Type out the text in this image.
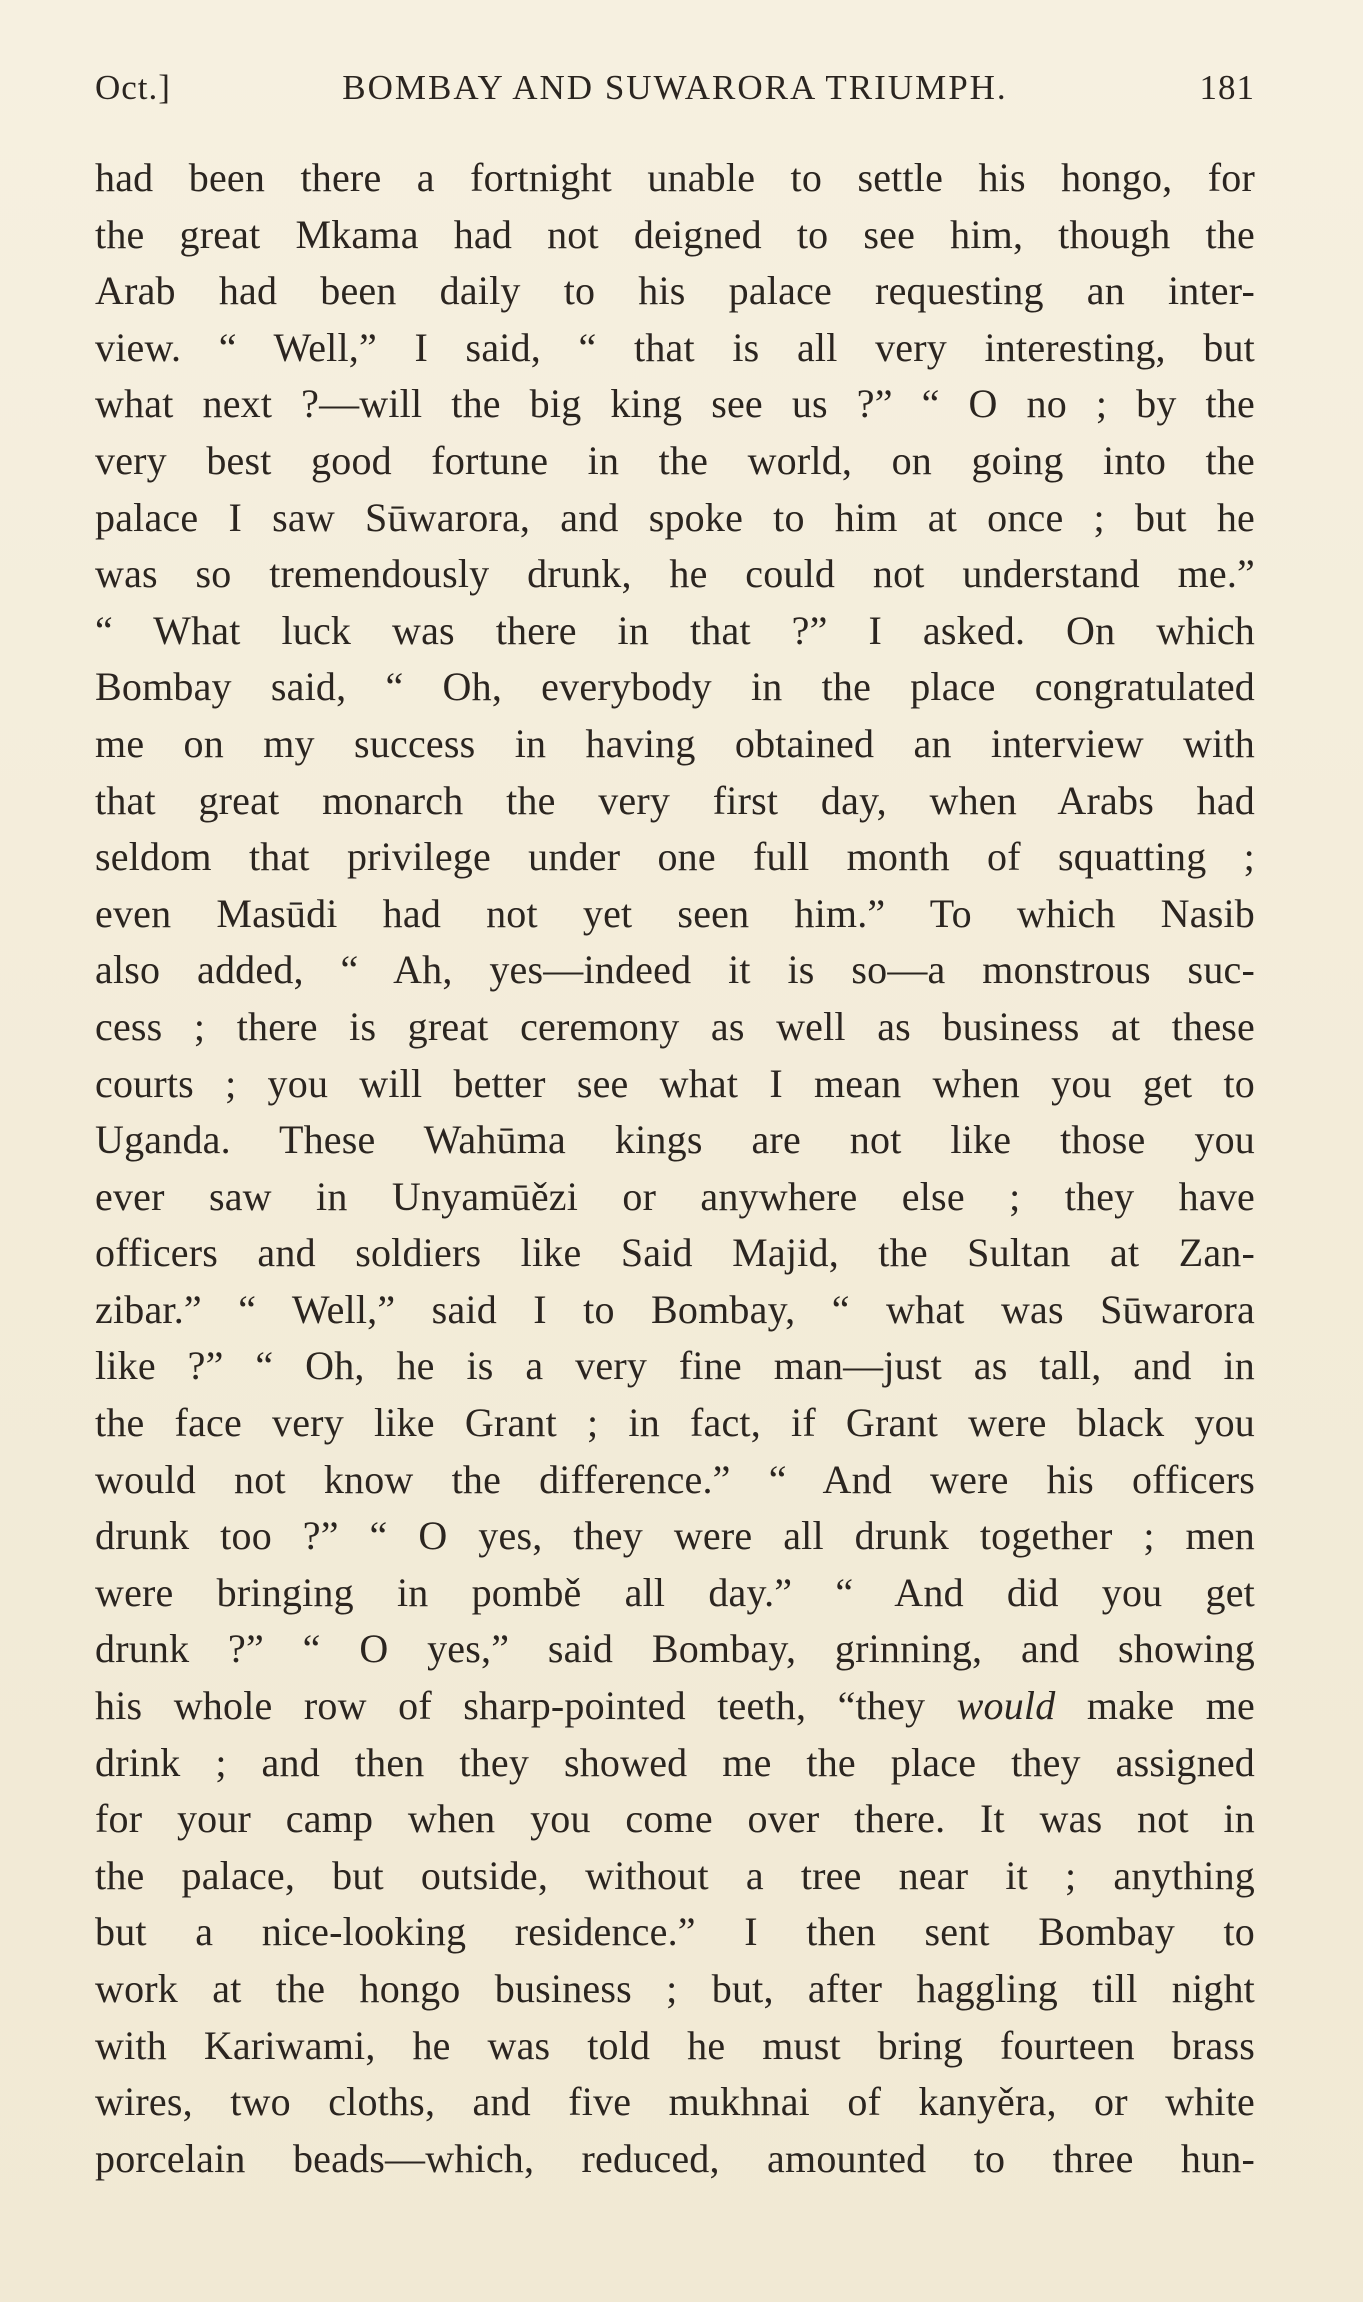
Oct.]	BOMBAY AND SUWARORA TRIUMPH.	181
had been there a fortnight unable to settle his hongo, for
the great Mkama had not deigned to see him, though the
Arab had been daily to his palace requesting an inter-
view. “ Well,” I said, “ that is all very interesting, but
what next ?—will the big king see us ?” “ O no ; by the
very best good fortune in the world, on going into the
palace I saw Sūwarora, and spoke to him at once ; but he
was so tremendously drunk, he could not understand me.”
“ What luck was there in that ?” I asked. On which
Bombay said, “ Oh, everybody in the place congratulated
me on my success in having obtained an interview with
that great monarch the very first day, when Arabs had
seldom that privilege under one full month of squatting ;
even Masūdi had not yet seen him.” To which Nasib
also added, “ Ah, yes—indeed it is so—a monstrous suc-
cess ; there is great ceremony as well as business at these
courts ; you will better see what I mean when you get to
Uganda. These Wahūma kings are not like those you
ever saw in Unyamūězi or anywhere else ; they have
officers and soldiers like Said Majid, the Sultan at Zan-
zibar.” “ Well,” said I to Bombay, “ what was Sūwarora
like ?” “ Oh, he is a very fine man—just as tall, and in
the face very like Grant ; in fact, if Grant were black you
would not know the difference.” “ And were his officers
drunk too ?” “ O yes, they were all drunk together ; men
were bringing in pombě all day.” “ And did you get
drunk ?” “ O yes,” said Bombay, grinning, and showing
his whole row of sharp-pointed teeth, “they would make me
drink ; and then they showed me the place they assigned
for your camp when you come over there. It was not in
the palace, but outside, without a tree near it ; anything
but a nice-looking residence.” I then sent Bombay to
work at the hongo business ; but, after haggling till night
with Kariwami, he was told he must bring fourteen brass
wires, two cloths, and five mukhnai of kanyěra, or white
porcelain beads—which, reduced, amounted to three hun-
